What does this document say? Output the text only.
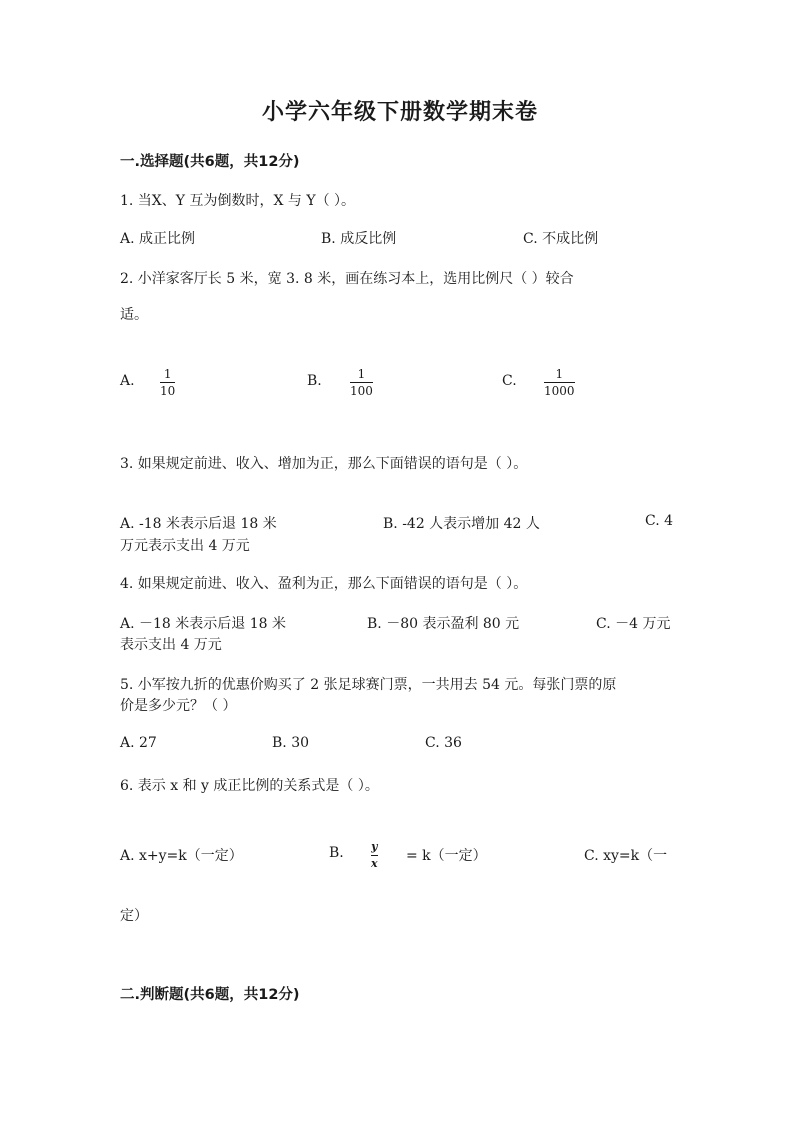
小学六年级下册数学期末卷
一.选择题(共6题，共12分)
1. 当X、Y 互为倒数时，X 与 Y（ ）。
A. 成正比例	B. 成反比例	C. 不成比例
2. 小洋家客厅长 5 米，宽 3. 8 米，画在练习本上，选用比例尺（ ）较合
适。
A. 1
10
B.	1
100
C.	1
1000
3. 如果规定前进、收入、增加为正，那么下面错误的语句是（ ）。
A. -18 米表示后退 18 米	B. -42 人表示增加 42 人	C. 4
万元表示支出 4 万元
4. 如果规定前进、收入、盈利为正，那么下面错误的语句是（ ）。
A. －18 米表示后退 18 米	B. －80 表示盈利 80 元	C. －4 万元
表示支出 4 万元
5. 小军按九折的优惠价购买了 2 张足球赛门票，一共用去 54 元。每张门票的原
价是多少元？（ ）
A. 27	B. 30	C. 36
6. 表示 x 和 y 成正比例的关系式是（ ）。
A. x+y=k（一定）	B. y
x = k（一定）	C. xy=k（一
定）
二.判断题(共6题，共12分)
